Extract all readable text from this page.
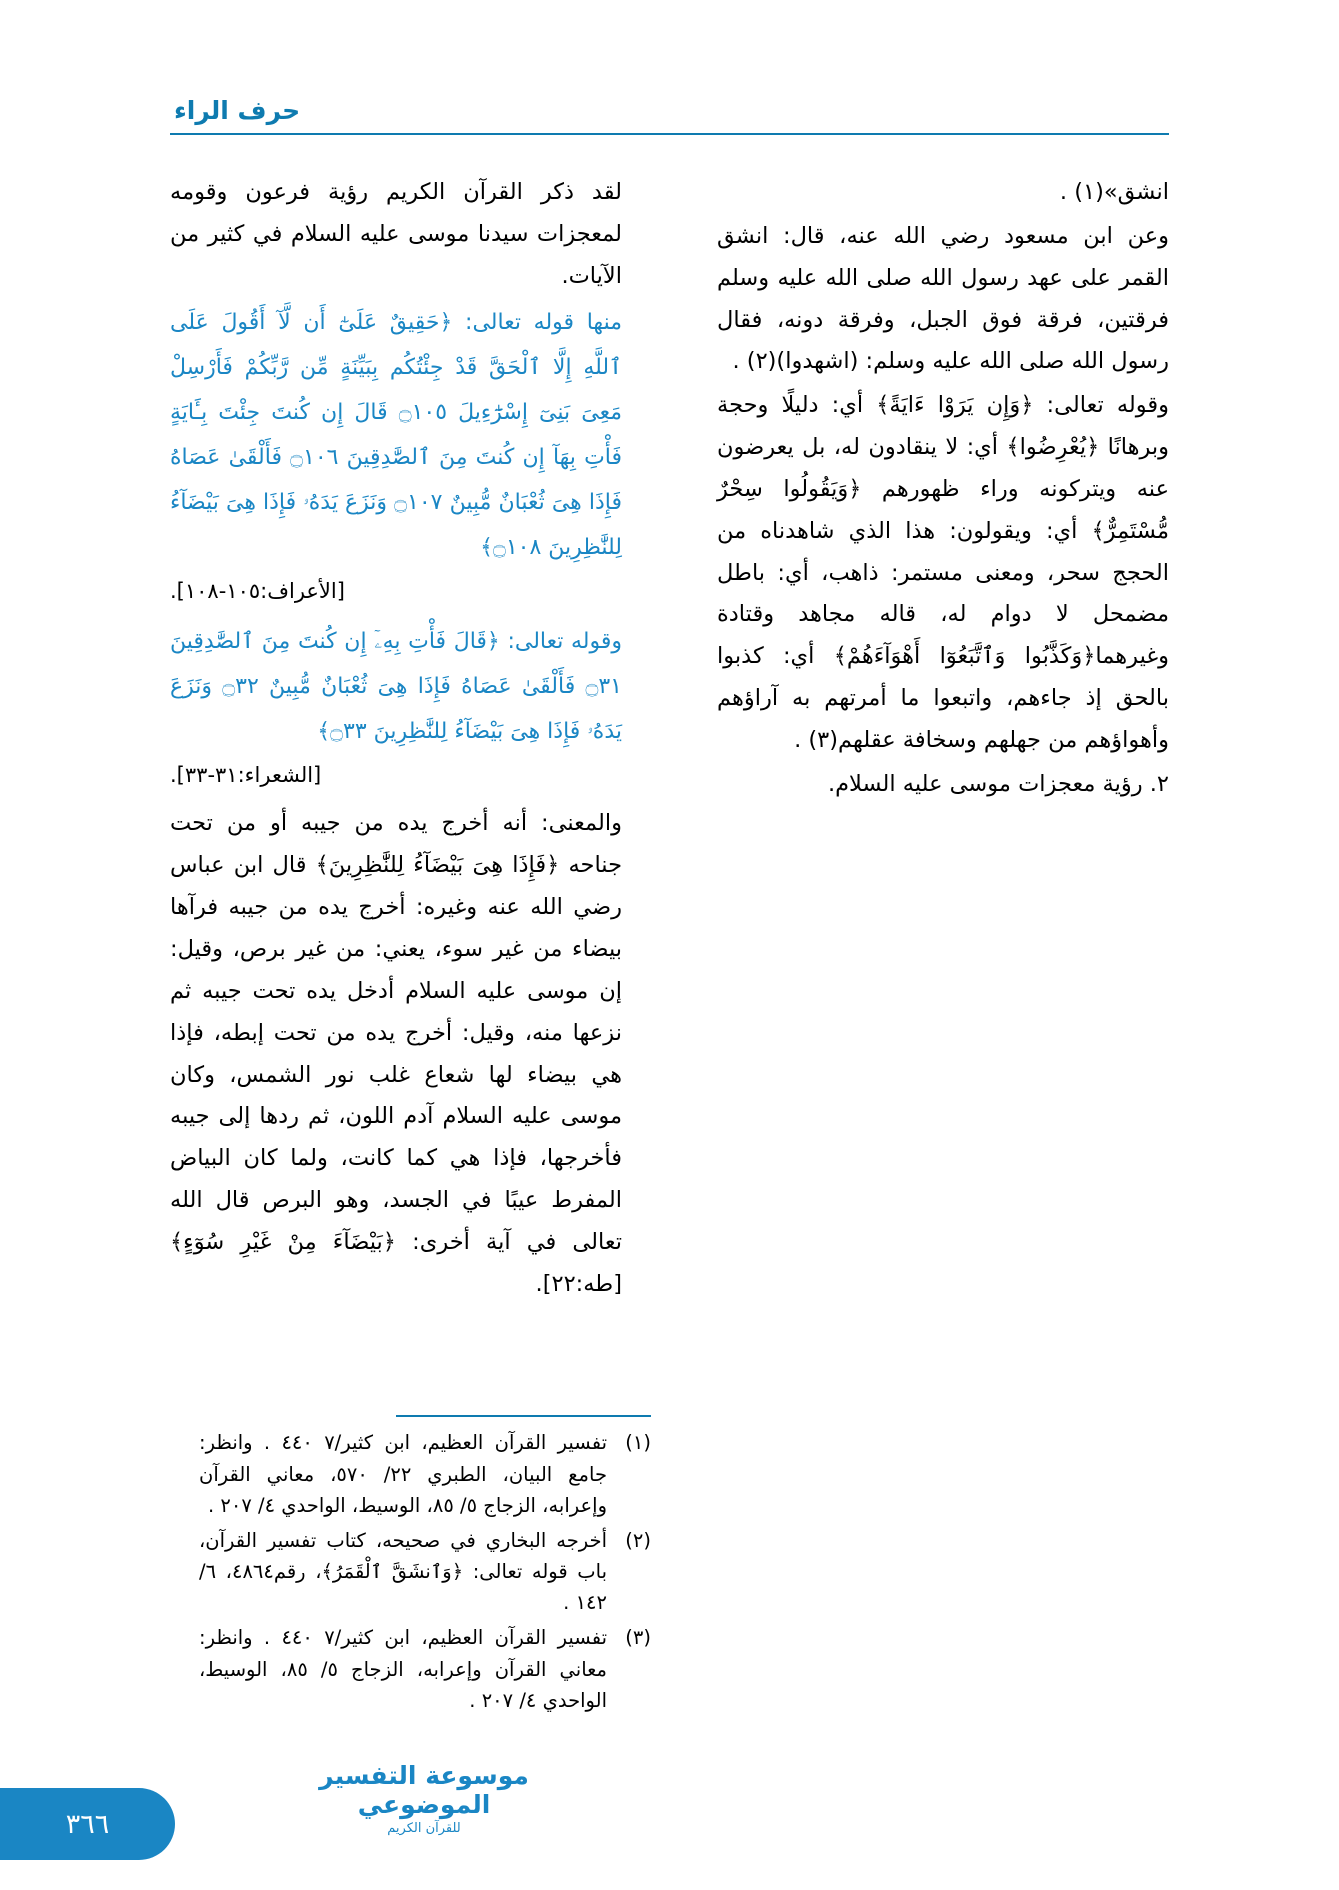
حرف الراء

انشق»(١) .

وعن ابن مسعود رضي الله عنه، قال: انشق القمر على عهد رسول الله صلى الله عليه وسلم فرقتين، فرقة فوق الجبل، وفرقة دونه، فقال رسول الله صلى الله عليه وسلم: (اشهدوا)(٢) .

وقوله تعالى: ﴿وَإِن يَرَوْا ءَايَةً﴾ أي: دليلًا وحجة وبرهانًا ﴿يُعْرِضُوا﴾ أي: لا ينقادون له، بل يعرضون عنه ويتركونه وراء ظهورهم ﴿وَيَقُولُوا سِحْرٌ مُّسْتَمِرٌّ﴾ أي: ويقولون: هذا الذي شاهدناه من الحجج سحر، ومعنى مستمر: ذاهب، أي: باطل مضمحل لا دوام له، قاله مجاهد وقتادة وغيرهما﴿وَكَذَّبُوا وَٱتَّبَعُوٓا أَهْوَآءَهُمْ﴾ أي: كذبوا بالحق إذ جاءهم، واتبعوا ما أمرتهم به آراؤهم وأهواؤهم من جهلهم وسخافة عقلهم(٣) .

٢. رؤية معجزات موسى عليه السلام.

لقد ذكر القرآن الكريم رؤية فرعون وقومه لمعجزات سيدنا موسى عليه السلام في كثير من الآيات.

منها قوله تعالى: ﴿حَقِيقٌ عَلَىٰٓ أَن لَّآ أَقُولَ عَلَى ٱللَّهِ إِلَّا ٱلْحَقَّ قَدْ جِئْتُكُم بِبَيِّنَةٍ مِّن رَّبِّكُمْ فَأَرْسِلْ مَعِىَ بَنِىٓ إِسْرَٰٓءِيلَ ۝١٠٥ قَالَ إِن كُنتَ جِئْتَ بِـَٔايَةٍ فَأْتِ بِهَآ إِن كُنتَ مِنَ ٱلصَّٰدِقِينَ ۝١٠٦ فَأَلْقَىٰ عَصَاهُ فَإِذَا هِىَ ثُعْبَانٌ مُّبِينٌ ۝١٠٧ وَنَزَعَ يَدَهُۥ فَإِذَا هِىَ بَيْضَآءُ لِلنَّٰظِرِينَ ۝١٠٨﴾

[الأعراف:١٠٥-١٠٨].

وقوله تعالى: ﴿قَالَ فَأْتِ بِهِۦٓ إِن كُنتَ مِنَ ٱلصَّٰدِقِينَ ۝٣١ فَأَلْقَىٰ عَصَاهُ فَإِذَا هِىَ ثُعْبَانٌ مُّبِينٌ ۝٣٢ وَنَزَعَ يَدَهُۥ فَإِذَا هِىَ بَيْضَآءُ لِلنَّٰظِرِينَ ۝٣٣﴾

[الشعراء:٣١-٣٣].

والمعنى: أنه أخرج يده من جيبه أو من تحت جناحه ﴿فَإِذَا هِىَ بَيْضَآءُ لِلنَّٰظِرِينَ﴾ قال ابن عباس رضي الله عنه وغيره: أخرج يده من جيبه فرآها بيضاء من غير سوء، يعني: من غير برص، وقيل: إن موسى عليه السلام أدخل يده تحت جيبه ثم نزعها منه، وقيل: أخرج يده من تحت إبطه، فإذا هي بيضاء لها شعاع غلب نور الشمس، وكان موسى عليه السلام آدم اللون، ثم ردها إلى جيبه فأخرجها، فإذا هي كما كانت، ولما كان البياض المفرط عيبًا في الجسد، وهو البرص قال الله تعالى في آية أخرى: ﴿بَيْضَآءَ مِنْ غَيْرِ سُوٓءٍ﴾ [طه:٢٢].

(١)
تفسير القرآن العظيم، ابن كثير/٧ ٤٤٠ . وانظر: جامع البيان، الطبري ٢٢/ ٥٧٠، معاني القرآن وإعرابه، الزجاج ٥/ ٨٥، الوسيط، الواحدي ٤/ ٢٠٧ .
(٢)
أخرجه البخاري في صحيحه، كتاب تفسير القرآن، باب قوله تعالى: ﴿وَٱنشَقَّ ٱلْقَمَرُ﴾، رقم٤٨٦٤، ٦/ ١٤٢ .
(٣)
تفسير القرآن العظيم، ابن كثير/٧ ٤٤٠ . وانظر: معاني القرآن وإعرابه، الزجاج ٥/ ٨٥، الوسيط، الواحدي ٤/ ٢٠٧ .
موسوعة التفسير الموضوعي
للقرآن الكريم
٣٦٦
